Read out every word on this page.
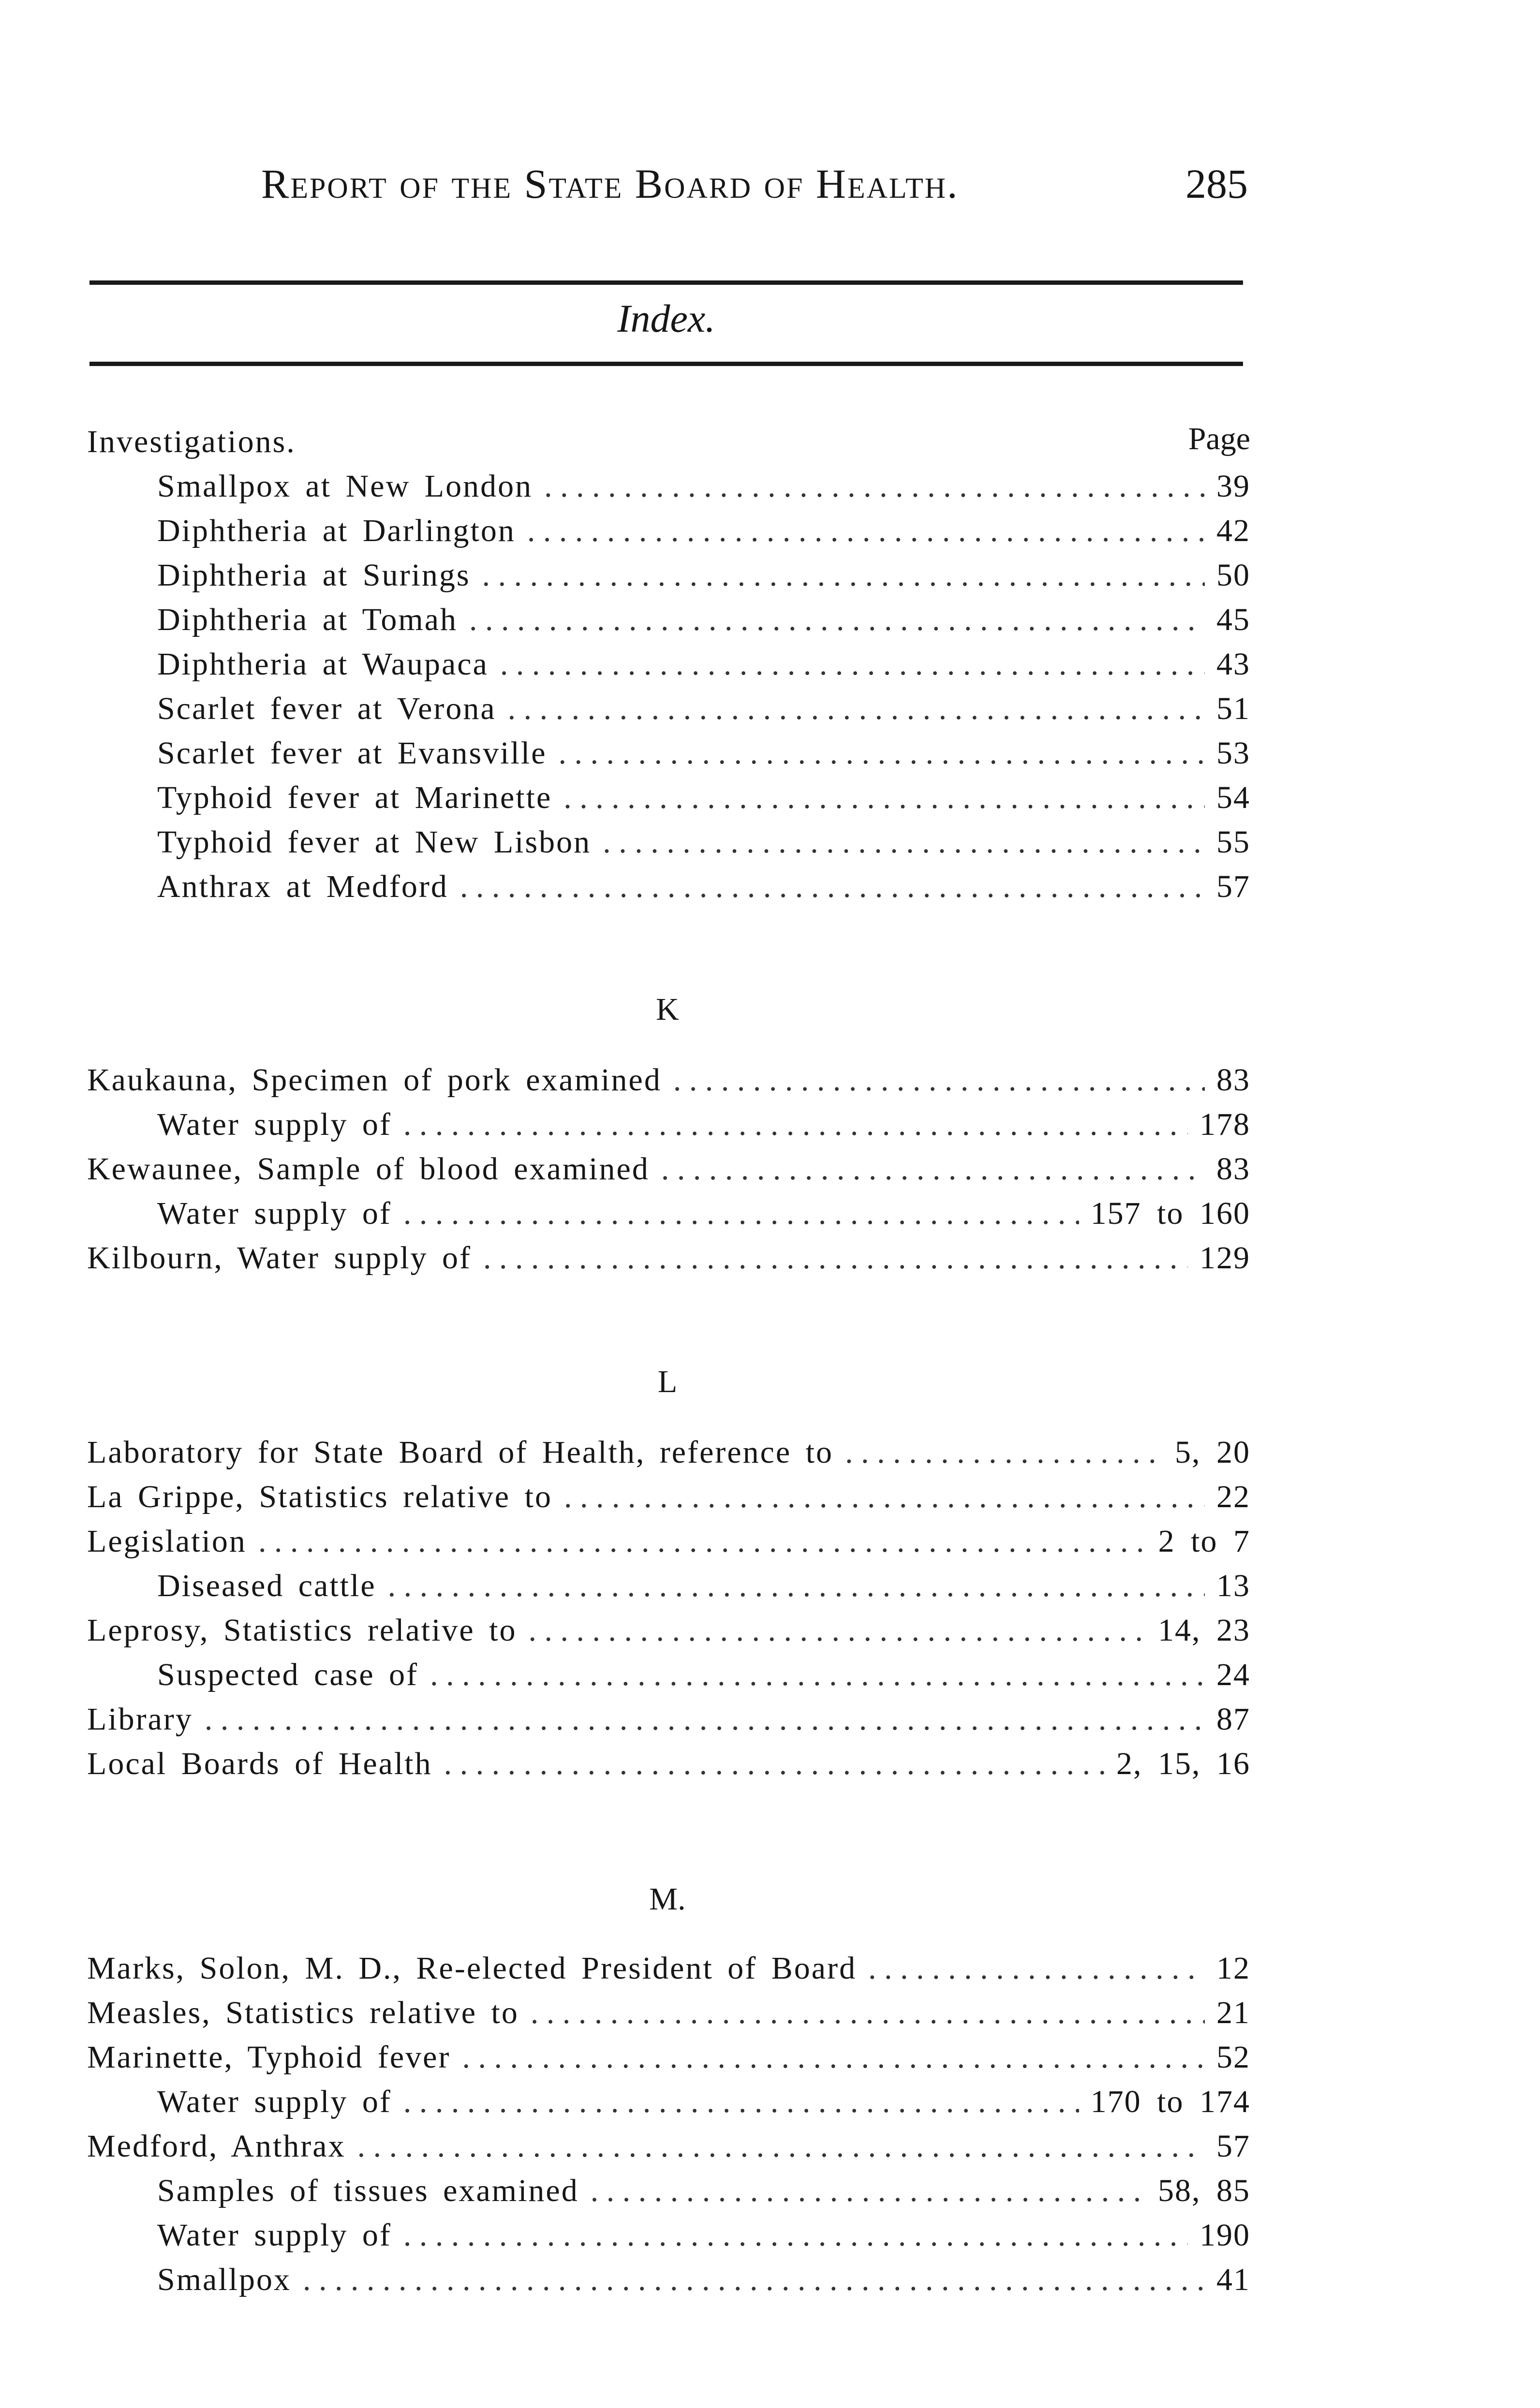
Report of the State Board of Health.	285
Index.
Investigations.	Page
Smallpox at New London . . .	39
Diphtheria at Darlington . . .	42
Diphtheria at Surings . . .	50
Diphtheria at Tomah . . .	45
Diphtheria at Waupaca . . .	43
Scarlet fever at Verona . . .	51
Scarlet fever at Evansville . . .	53
Typhoid fever at Marinette . . .	54
Typhoid fever at New Lisbon . . .	55
Anthrax at Medford . . .	57
K
Kaukauna, Specimen of pork examined . . .	83
Water supply of . . .	178
Kewaunee, Sample of blood examined . . .	83
Water supply of . . .	157 to 160
Kilbourn, Water supply of . . .	129
L
Laboratory for State Board of Health, reference to . . .	5, 20
La Grippe, Statistics relative to . . .	22
Legislation . . .	2 to 7
Diseased cattle . . .	13
Leprosy, Statistics relative to . . .	14, 23
Suspected case of . . .	24
Library . . .	87
Local Boards of Health . . .	2, 15, 16
M.
Marks, Solon, M. D., Re-elected President of Board . . .	12
Measles, Statistics relative to . . .	21
Marinette, Typhoid fever . . .	52
Water supply of . . .	170 to 174
Medford, Anthrax . . .	57
Samples of tissues examined . . .	58, 85
Water supply of . . .	190
Smallpox . . .	41
